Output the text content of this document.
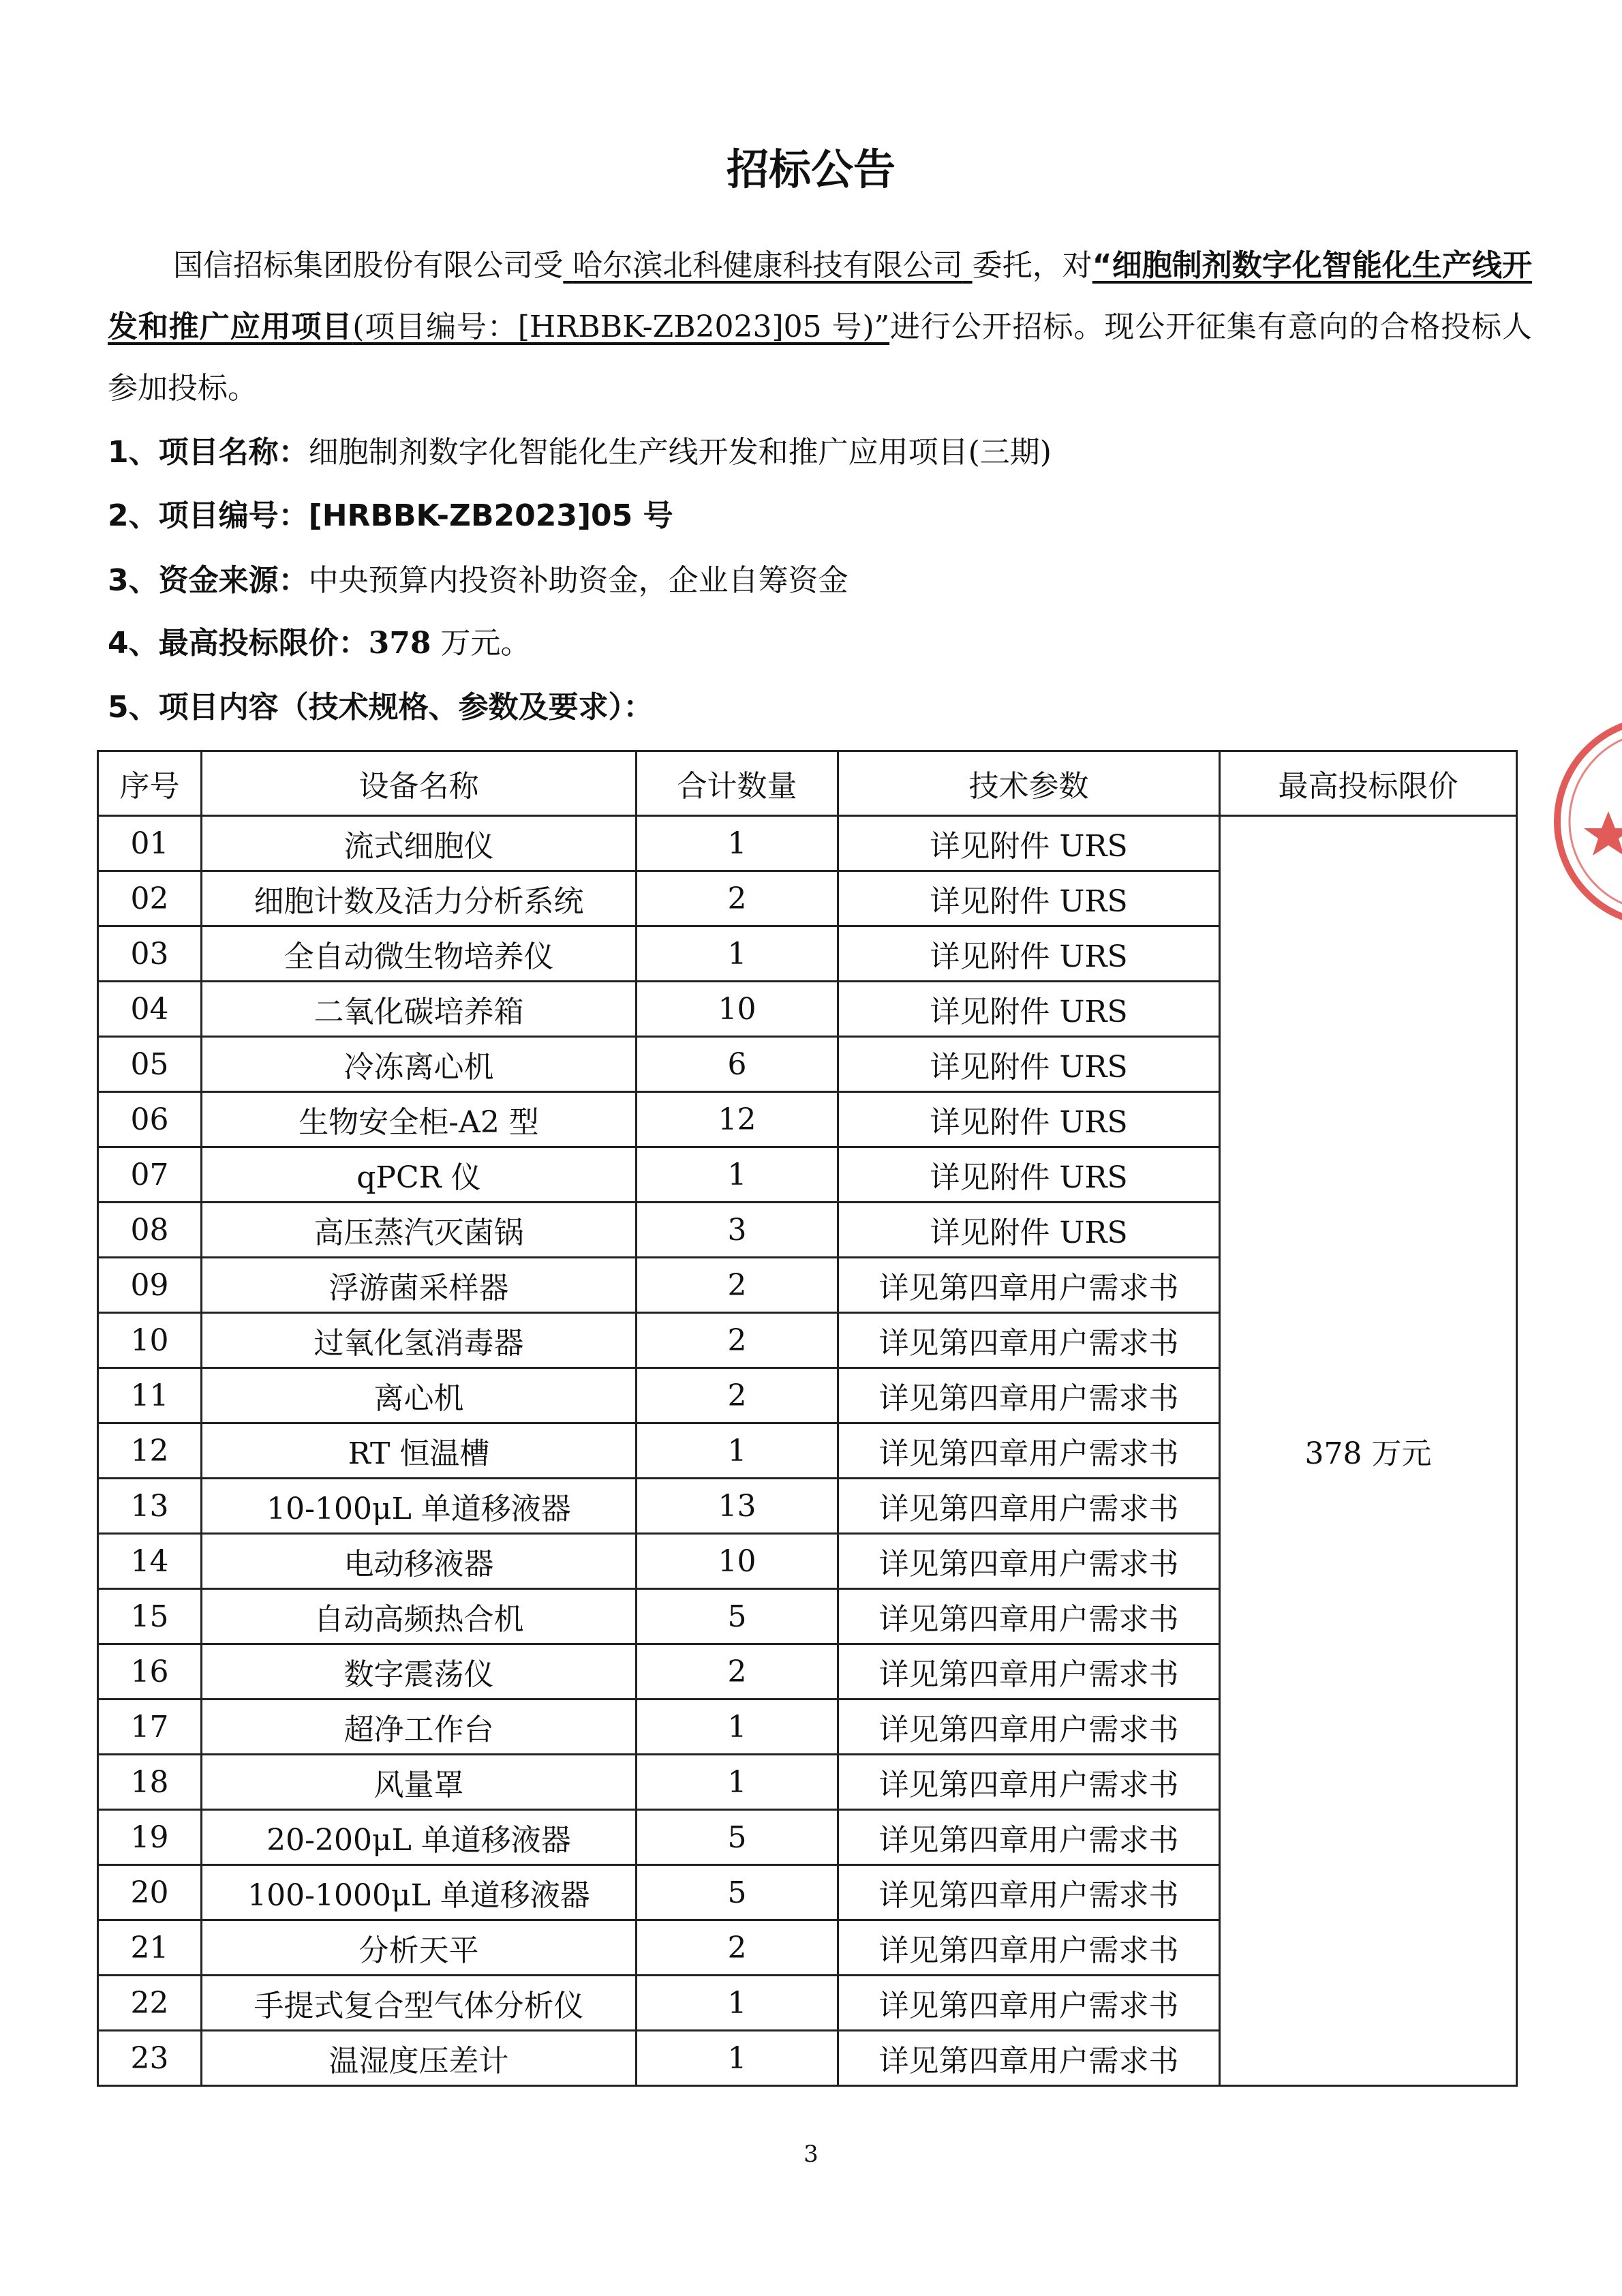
招标公告
国信招标集团股份有限公司受 哈尔滨北科健康科技有限公司 委托，对“细胞制剂数字化智能化生产线开发和推广应用项目(项目编号：[HRBBK-ZB2023]05 号)”进行公开招标。现公开征集有意向的合格投标人参加投标。
1、项目名称：细胞制剂数字化智能化生产线开发和推广应用项目(三期)
2、项目编号：[HRBBK-ZB2023]05 号
3、资金来源：中央预算内投资补助资金，企业自筹资金
4、最高投标限价：378 万元。
5、项目内容（技术规格、参数及要求）：
序号	设备名称	合计数量	技术参数	最高投标限价
01	流式细胞仪	1	详见附件 URS	378 万元
02	细胞计数及活力分析系统	2	详见附件 URS	
03	全自动微生物培养仪	1	详见附件 URS	
04	二氧化碳培养箱	10	详见附件 URS	
05	冷冻离心机	6	详见附件 URS	
06	生物安全柜-A2 型	12	详见附件 URS	
07	qPCR 仪	1	详见附件 URS	
08	高压蒸汽灭菌锅	3	详见附件 URS	
09	浮游菌采样器	2	详见第四章用户需求书	
10	过氧化氢消毒器	2	详见第四章用户需求书	
11	离心机	2	详见第四章用户需求书	
12	RT 恒温槽	1	详见第四章用户需求书	
13	10-100μL 单道移液器	13	详见第四章用户需求书	
14	电动移液器	10	详见第四章用户需求书	
15	自动高频热合机	5	详见第四章用户需求书	
16	数字震荡仪	2	详见第四章用户需求书	
17	超净工作台	1	详见第四章用户需求书	
18	风量罩	1	详见第四章用户需求书	
19	20-200μL 单道移液器	5	详见第四章用户需求书	
20	100-1000μL 单道移液器	5	详见第四章用户需求书	
21	分析天平	2	详见第四章用户需求书	
22	手提式复合型气体分析仪	1	详见第四章用户需求书	
23	温湿度压差计	1	详见第四章用户需求书	
3
